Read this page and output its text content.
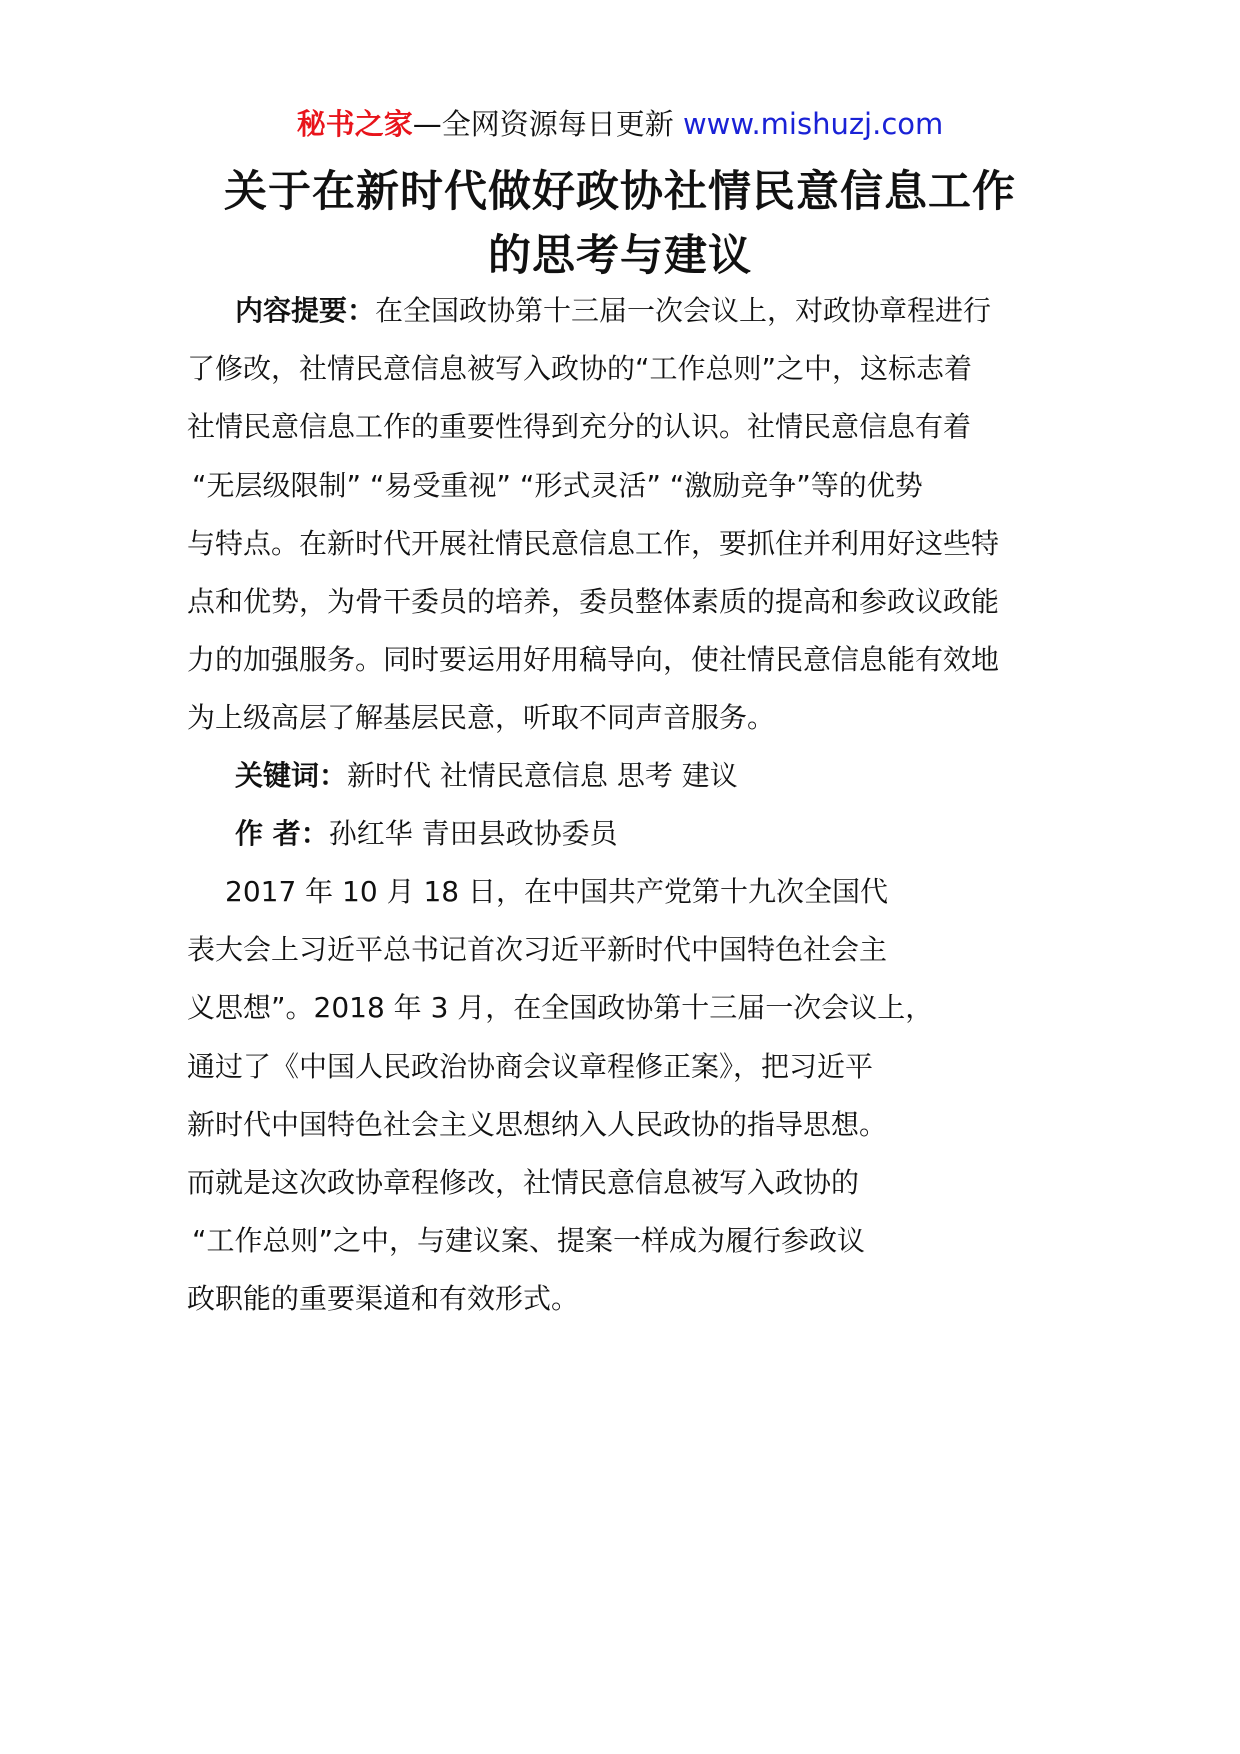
秘书之家—全网资源每日更新 www.mishuzj.com
关于在新时代做好政协社情民意信息工作
的思考与建议
内容提要：在全国政协第十三届一次会议上，对政协章程进行
了修改，社情民意信息被写入政协的“工作总则”之中，这标志着
社情民意信息工作的重要性得到充分的认识。社情民意信息有着
“无层级限制” “易受重视” “形式灵活” “激励竞争”等的优势
与特点。在新时代开展社情民意信息工作，要抓住并利用好这些特
点和优势，为骨干委员的培养，委员整体素质的提高和参政议政能
力的加强服务。同时要运用好用稿导向，使社情民意信息能有效地
为上级高层了解基层民意，听取不同声音服务。
关键词：新时代 社情民意信息 思考 建议
作 者：孙红华 青田县政协委员
2017 年 10 月 18 日，在中国共产党第十九次全国代
表大会上习近平总书记首次习近平新时代中国特色社会主
义思想”。2018 年 3 月，在全国政协第十三届一次会议上，
通过了《中国人民政治协商会议章程修正案》，把习近平
新时代中国特色社会主义思想纳入人民政协的指导思想。
而就是这次政协章程修改，社情民意信息被写入政协的
“工作总则”之中，与建议案、提案一样成为履行参政议
政职能的重要渠道和有效形式。
